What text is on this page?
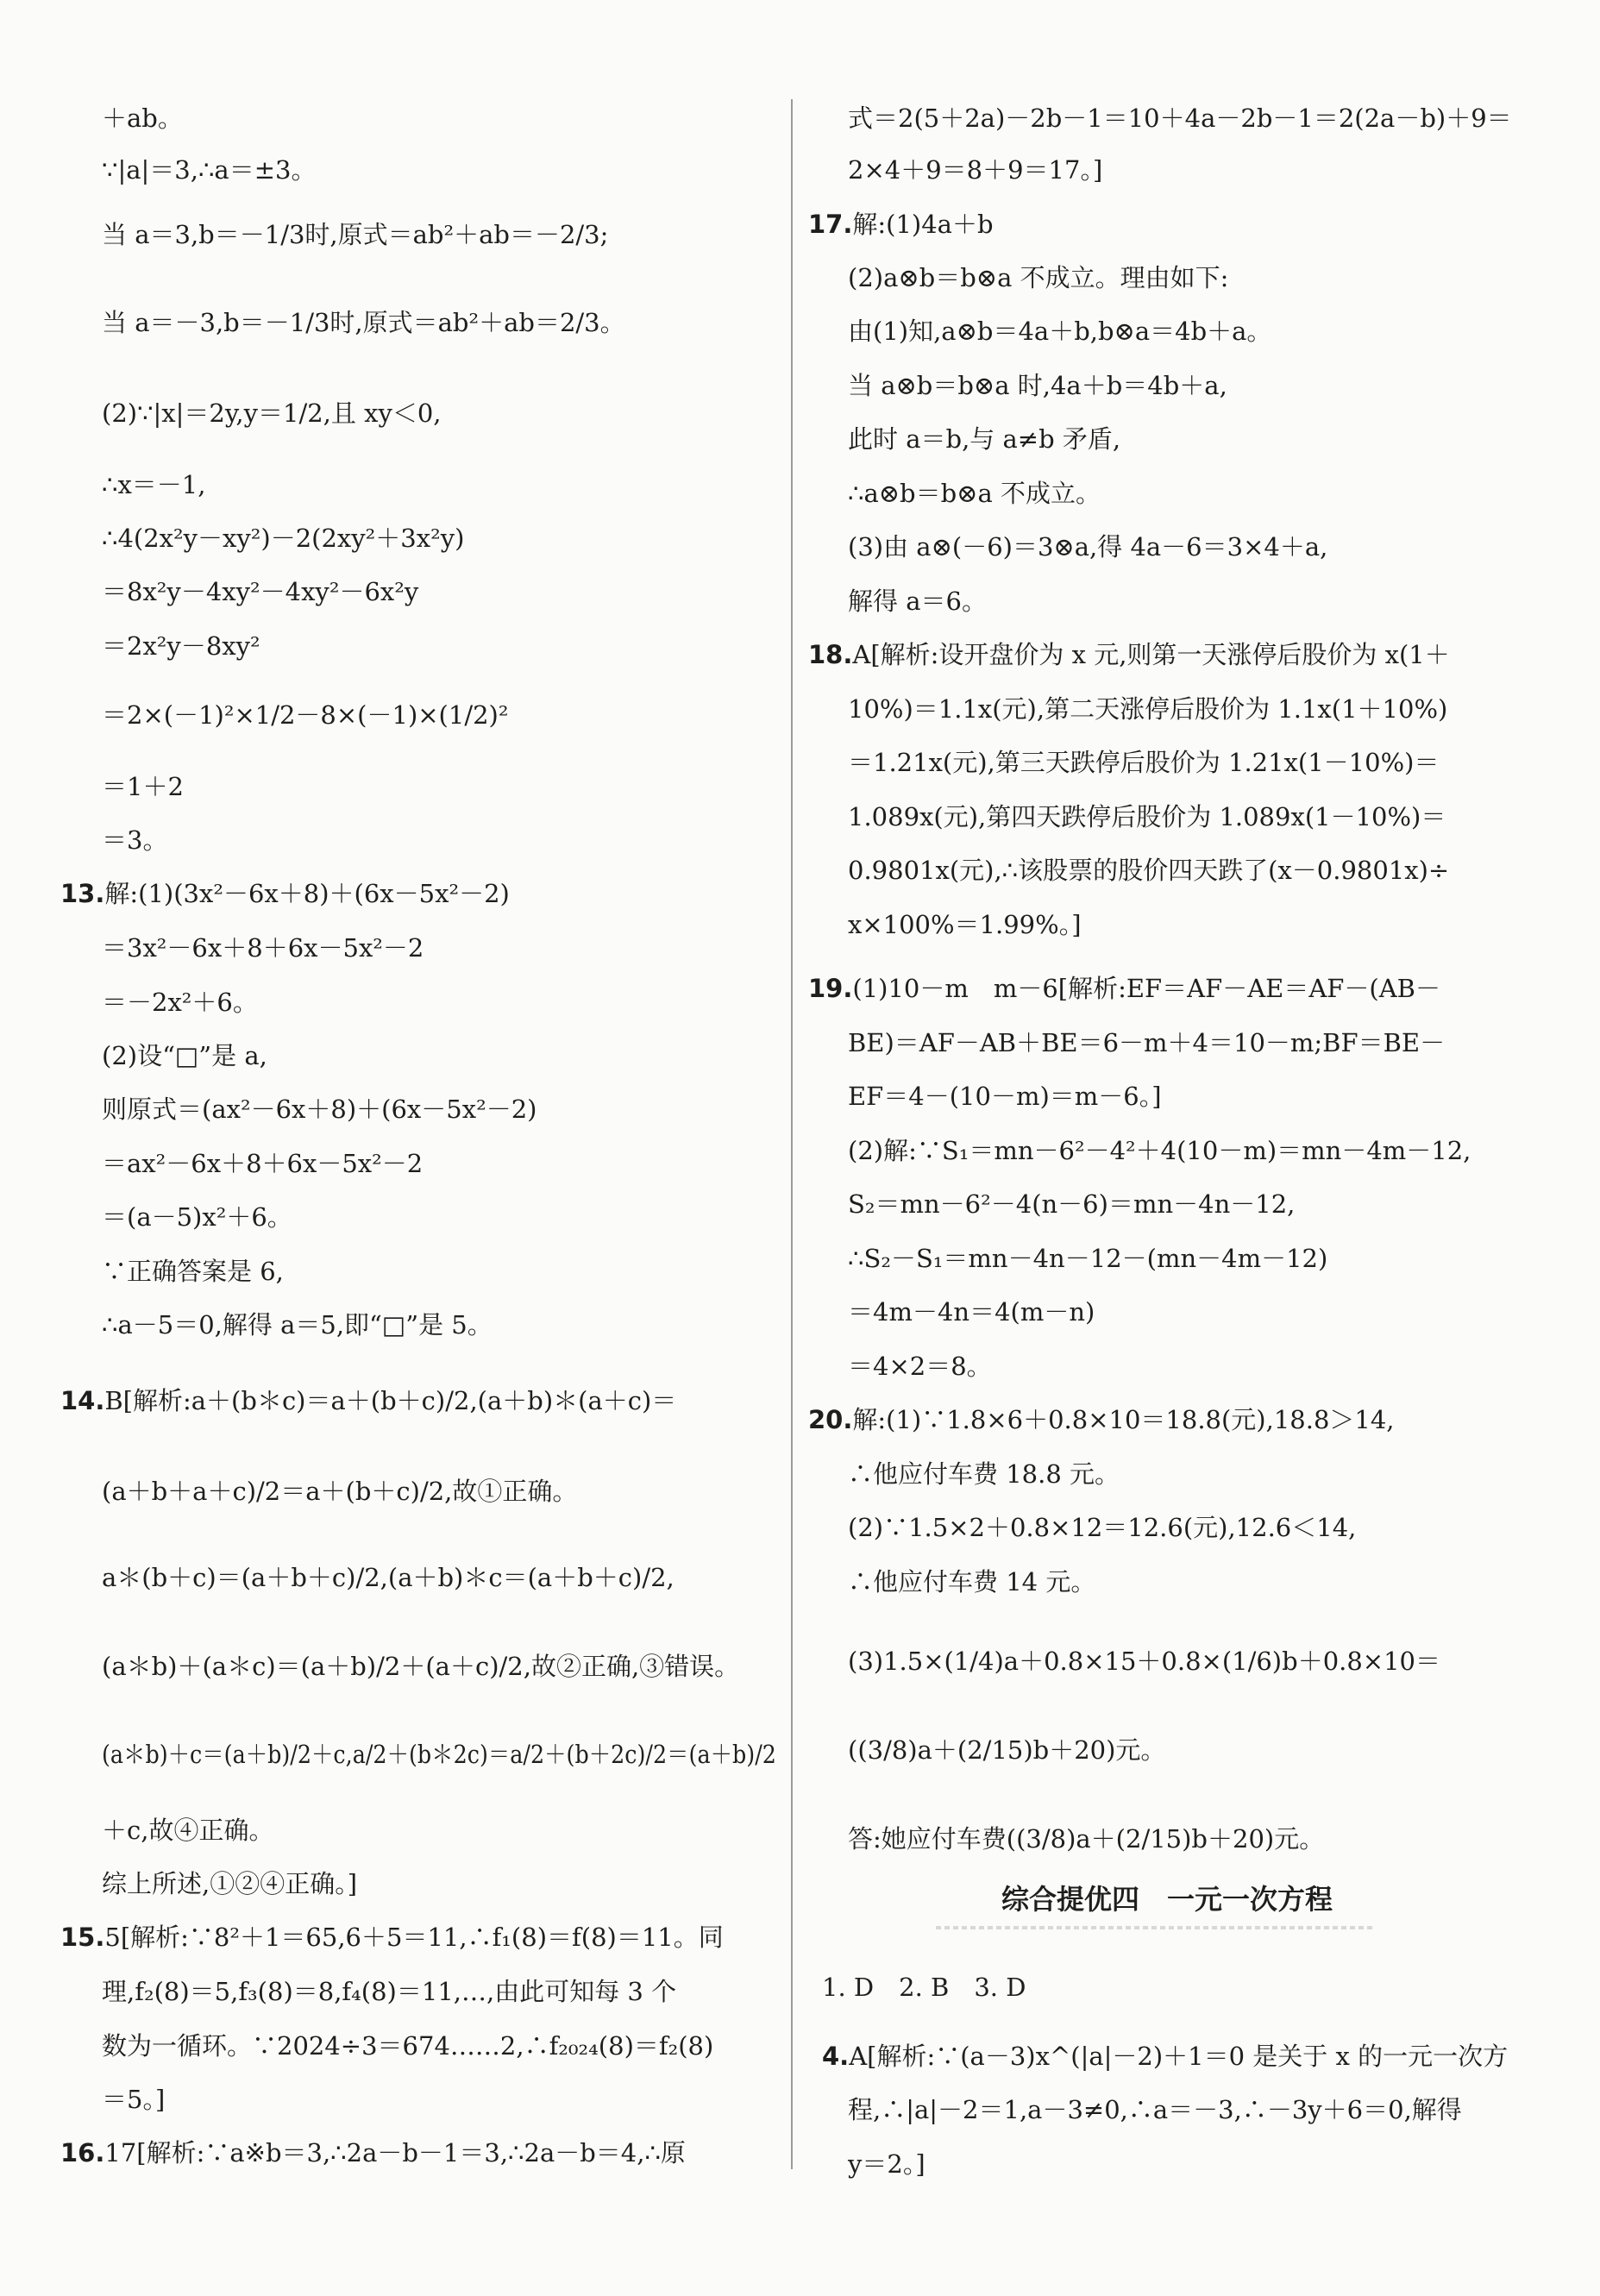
＋ab。
∵|a|＝3,∴a＝±3。
当 a＝3,b＝－1/3时,原式＝ab²＋ab＝－2/3;
当 a＝－3,b＝－1/3时,原式＝ab²＋ab＝2/3。
(2)∵|x|＝2y,y＝1/2,且 xy＜0,
∴x＝－1,
∴4(2x²y－xy²)－2(2xy²＋3x²y)
＝8x²y－4xy²－4xy²－6x²y
＝2x²y－8xy²
＝2×(－1)²×1/2－8×(－1)×(1/2)²
＝1＋2
＝3。
13.解:(1)(3x²－6x＋8)＋(6x－5x²－2)
＝3x²－6x＋8＋6x－5x²－2
＝－2x²＋6。
(2)设“□”是 a,
则原式＝(ax²－6x＋8)＋(6x－5x²－2)
＝ax²－6x＋8＋6x－5x²－2
＝(a－5)x²＋6。
∵正确答案是 6,
∴a－5＝0,解得 a＝5,即“□”是 5。
14.B[解析:a＋(b＊c)＝a＋(b＋c)/2,(a＋b)＊(a＋c)＝
(a＋b＋a＋c)/2＝a＋(b＋c)/2,故①正确。
a＊(b＋c)＝(a＋b＋c)/2,(a＋b)＊c＝(a＋b＋c)/2,
(a＊b)＋(a＊c)＝(a＋b)/2＋(a＋c)/2,故②正确,③错误。
(a＊b)＋c＝(a＋b)/2＋c,a/2＋(b＊2c)＝a/2＋(b＋2c)/2＝(a＋b)/2
＋c,故④正确。
综上所述,①②④正确。]
15.5[解析:∵8²＋1＝65,6＋5＝11,∴f₁(8)＝f(8)＝11。同
理,f₂(8)＝5,f₃(8)＝8,f₄(8)＝11,…,由此可知每 3 个
数为一循环。∵2024÷3＝674……2,∴f₂₀₂₄(8)＝f₂(8)
＝5。]
16.17[解析:∵a※b＝3,∴2a－b－1＝3,∴2a－b＝4,∴原
式＝2(5＋2a)－2b－1＝10＋4a－2b－1＝2(2a－b)＋9＝
2×4＋9＝8＋9＝17。]
17.解:(1)4a＋b
(2)a⊗b＝b⊗a 不成立。理由如下:
由(1)知,a⊗b＝4a＋b,b⊗a＝4b＋a。
当 a⊗b＝b⊗a 时,4a＋b＝4b＋a,
此时 a＝b,与 a≠b 矛盾,
∴a⊗b＝b⊗a 不成立。
(3)由 a⊗(－6)＝3⊗a,得 4a－6＝3×4＋a,
解得 a＝6。
18.A[解析:设开盘价为 x 元,则第一天涨停后股价为 x(1＋
10%)＝1.1x(元),第二天涨停后股价为 1.1x(1＋10%)
＝1.21x(元),第三天跌停后股价为 1.21x(1－10%)＝
1.089x(元),第四天跌停后股价为 1.089x(1－10%)＝
0.9801x(元),∴该股票的股价四天跌了(x－0.9801x)÷
x×100%＝1.99%。]
19.(1)10－m　m－6[解析:EF＝AF－AE＝AF－(AB－
BE)＝AF－AB＋BE＝6－m＋4＝10－m;BF＝BE－
EF＝4－(10－m)＝m－6。]
(2)解:∵S₁＝mn－6²－4²＋4(10－m)＝mn－4m－12,
S₂＝mn－6²－4(n－6)＝mn－4n－12,
∴S₂－S₁＝mn－4n－12－(mn－4m－12)
＝4m－4n＝4(m－n)
＝4×2＝8。
20.解:(1)∵1.8×6＋0.8×10＝18.8(元),18.8＞14,
∴他应付车费 18.8 元。
(2)∵1.5×2＋0.8×12＝12.6(元),12.6＜14,
∴他应付车费 14 元。
(3)1.5×(1/4)a＋0.8×15＋0.8×(1/6)b＋0.8×10＝
((3/8)a＋(2/15)b＋20)元。
答:她应付车费((3/8)a＋(2/15)b＋20)元。
综合提优四　一元一次方程
1. D　2. B　3. D
4.A[解析:∵(a－3)x^(|a|－2)＋1＝0 是关于 x 的一元一次方
程,∴|a|－2＝1,a－3≠0,∴a＝－3,∴－3y＋6＝0,解得
y＝2。]
